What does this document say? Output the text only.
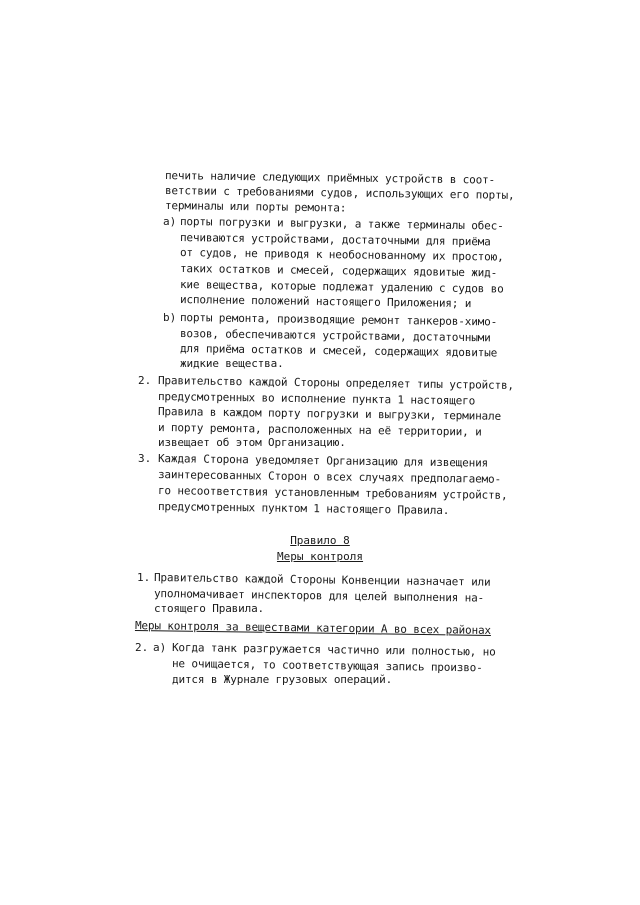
печить наличие следующих приёмных устройств в соот-
ветствии с требованиями судов, использующих его порты,
терминалы или порты ремонта:
a) порты погрузки и выгрузки, а также терминалы обес-
печиваются устройствами, достаточными для приёма
от судов, не приводя к необоснованному их простою,
таких остатков и смесей, содержащих ядовитые жид-
кие вещества, которые подлежат удалению с судов во
исполнение положений настоящего Приложения; и
b) порты ремонта, производящие ремонт танкеров-химо-
возов, обеспечиваются устройствами, достаточными
для приёма остатков и смесей, содержащих ядовитые
жидкие вещества.
2. Правительство каждой Стороны определяет типы устройств,
предусмотренных во исполнение пункта 1 настоящего
Правила в каждом порту погрузки и выгрузки, терминале
и порту ремонта, расположенных на её территории, и
извещает об этом Организацию.
3. Каждая Сторона уведомляет Организацию для извещения
заинтересованных Сторон о всех случаях предполагаемо-
го несоответствия установленным требованиям устройств,
предусмотренных пунктом 1 настоящего Правила.
Правило 8
Меры контроля
1. Правительство каждой Стороны Конвенции назначает или
уполномачивает инспекторов для целей выполнения на-
стоящего Правила.
Меры контроля за веществами категории А во всех районах
2. a) Когда танк разгружается частично или полностью, но
не очищается, то соответствующая запись произво-
дится в Журнале грузовых операций.
